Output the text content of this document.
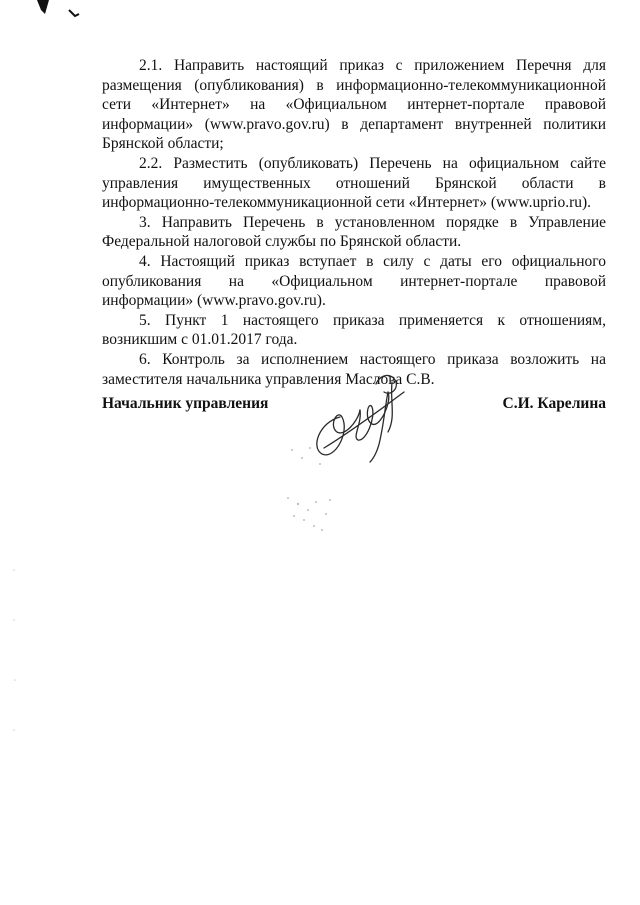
2.1. Направить настоящий приказ с приложением Перечня для размещения (опубликования) в информационно-телекоммуникационной сети «Интернет» на «Официальном интернет-портале правовой информации» (www.pravo.gov.ru) в департамент внутренней политики Брянской области;

2.2. Разместить (опубликовать) Перечень на официальном сайте управления имущественных отношений Брянской области в информационно-телекоммуникационной сети «Интернет» (www.uprio.ru).

3. Направить Перечень в установленном порядке в Управление Федеральной налоговой службы по Брянской области.

4. Настоящий приказ вступает в силу с даты его официального опубликования на «Официальном интернет-портале правовой информации» (www.pravo.gov.ru).

5. Пункт 1 настоящего приказа применяется к отношениям, возникшим с 01.01.2017 года.

6. Контроль за исполнением настоящего приказа возложить на заместителя начальника управления Маслова С.В.

Начальник управления	С.И. Карелина
